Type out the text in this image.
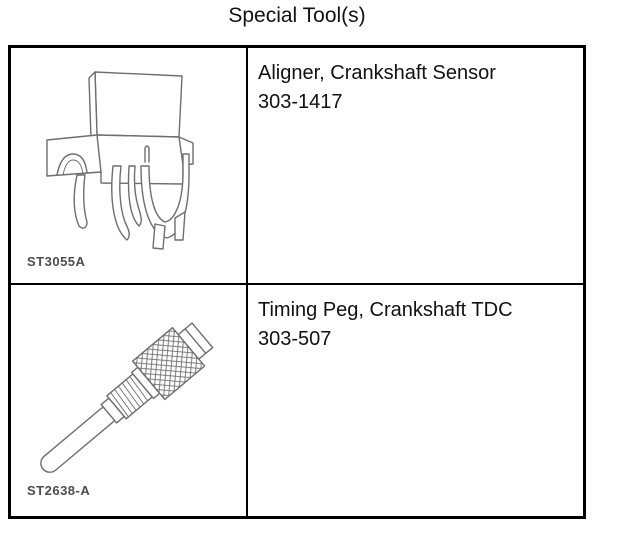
Special Tool(s)
ST3055A
Aligner, Crankshaft Sensor
303-1417
ST2638-A
Timing Peg, Crankshaft TDC
303-507
